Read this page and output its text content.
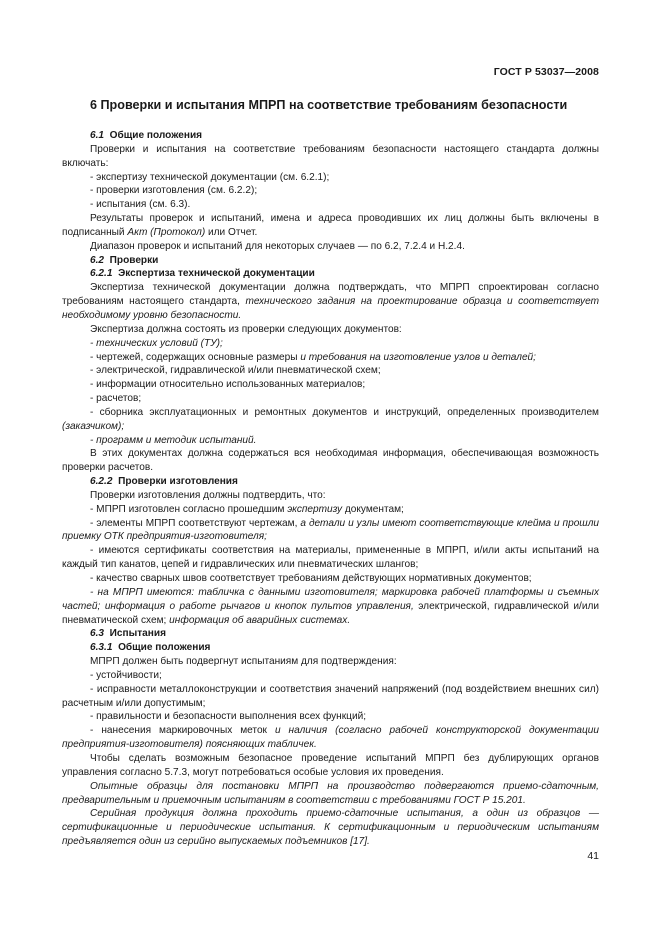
ГОСТ Р 53037—2008
6 Проверки и испытания МПРП на соответствие требованиям безопасности

6.1 Общие положения

Проверки и испытания на соответствие требованиям безопасности настоящего стандарта должны включать:

- экспертизу технической документации (см. 6.2.1);

- проверки изготовления (см. 6.2.2);

- испытания (см. 6.3).

Результаты проверок и испытаний, имена и адреса проводивших их лиц должны быть включены в подписанный Акт (Протокол) или Отчет.

Диапазон проверок и испытаний для некоторых случаев — по 6.2, 7.2.4 и Н.2.4.

6.2 Проверки

6.2.1 Экспертиза технической документации

Экспертиза технической документации должна подтверждать, что МПРП спроектирован согласно требованиям настоящего стандарта, технического задания на проектирование образца и соответствует необходимому уровню безопасности.

Экспертиза должна состоять из проверки следующих документов:

- технических условий (ТУ);

- чертежей, содержащих основные размеры и требования на изготовление узлов и деталей;

- электрической, гидравлической и/или пневматической схем;

- информации относительно использованных материалов;

- расчетов;

- сборника эксплуатационных и ремонтных документов и инструкций, определенных производителем (заказчиком);

- программ и методик испытаний.

В этих документах должна содержаться вся необходимая информация, обеспечивающая возможность проверки расчетов.

6.2.2 Проверки изготовления

Проверки изготовления должны подтвердить, что:

- МПРП изготовлен согласно прошедшим экспертизу документам;

- элементы МПРП соответствуют чертежам, а детали и узлы имеют соответствующие клейма и прошли приемку ОТК предприятия-изготовителя;

- имеются сертификаты соответствия на материалы, примененные в МПРП, и/или акты испытаний на каждый тип канатов, цепей и гидравлических или пневматических шлангов;

- качество сварных швов соответствует требованиям действующих нормативных документов;

- на МПРП имеются: табличка с данными изготовителя; маркировка рабочей платформы и съемных частей; информация о работе рычагов и кнопок пультов управления, электрической, гидравлической и/или пневматической схем; информация об аварийных системах.

6.3 Испытания

6.3.1 Общие положения

МПРП должен быть подвергнут испытаниям для подтверждения:

- устойчивости;

- исправности металлоконструкции и соответствия значений напряжений (под воздействием внешних сил) расчетным и/или допустимым;

- правильности и безопасности выполнения всех функций;

- нанесения маркировочных меток и наличия (согласно рабочей конструкторской документации предприятия-изготовителя) поясняющих табличек.

Чтобы сделать возможным безопасное проведение испытаний МПРП без дублирующих органов управления согласно 5.7.3, могут потребоваться особые условия их проведения.

Опытные образцы для постановки МПРП на производство подвергаются приемо-сдаточным, предварительным и приемочным испытаниям в соответствии с требованиями ГОСТ Р 15.201.

Серийная продукция должна проходить приемо-сдаточные испытания, а один из образцов — сертификационные и периодические испытания. К сертификационным и периодическим испытаниям предъявляется один из серийно выпускаемых подъемников [17].

41
